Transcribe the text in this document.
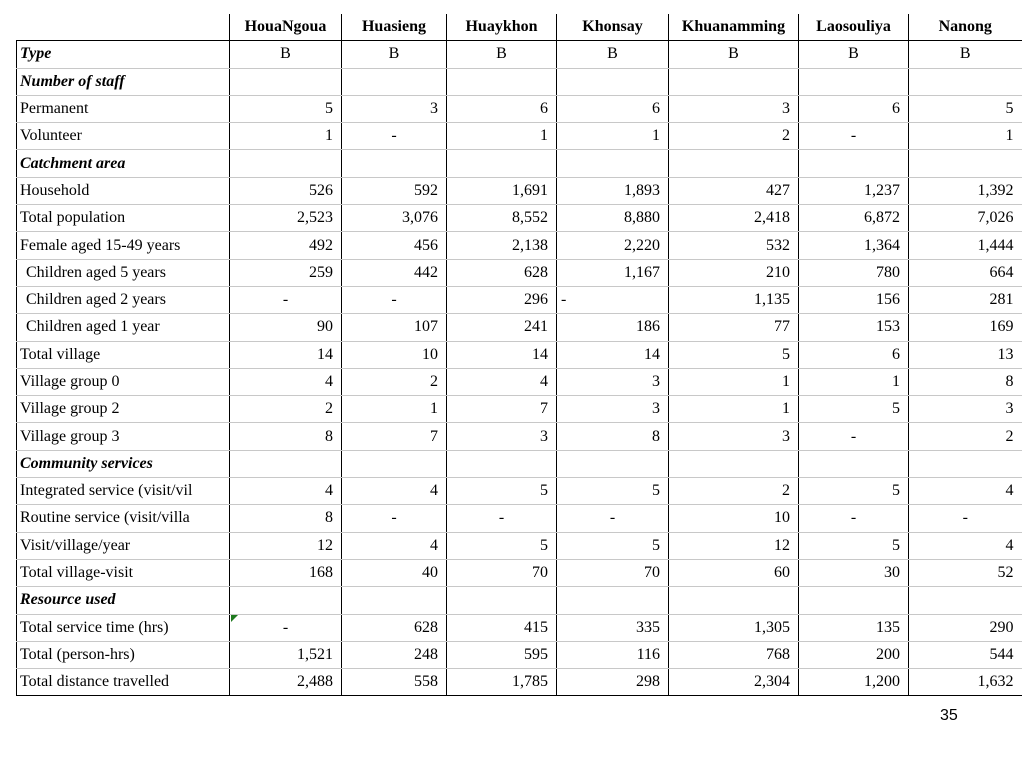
	HouaNgoua	Huasieng	Huaykhon	Khonsay	Khuanamming	Laosouliya	Nanong
Type	B	B	B	B	B	B	B
Number of staff							
Permanent	5	3	6	6	3	6	5
Volunteer	1	-	1	1	2	-	1
Catchment area							
Household	526	592	1,691	1,893	427	1,237	1,392
Total population	2,523	3,076	8,552	8,880	2,418	6,872	7,026
Female aged 15-49 years	492	456	2,138	2,220	532	1,364	1,444
Children aged 5 years	259	442	628	1,167	210	780	664
Children aged 2 years	-	-	296	-	1,135	156	281
Children aged 1 year	90	107	241	186	77	153	169
Total village	14	10	14	14	5	6	13
Village group 0	4	2	4	3	1	1	8
Village group 2	2	1	7	3	1	5	3
Village group 3	8	7	3	8	3	-	2
Community services							
Integrated service (visit/vil	4	4	5	5	2	5	4
Routine service (visit/villa	8	-	-	-	10	-	-
Visit/village/year	12	4	5	5	12	5	4
Total village-visit	168	40	70	70	60	30	52
Resource used							
Total service time (hrs)	-	628	415	335	1,305	135	290
Total (person-hrs)	1,521	248	595	116	768	200	544
Total distance travelled	2,488	558	1,785	298	2,304	1,200	1,632
35
